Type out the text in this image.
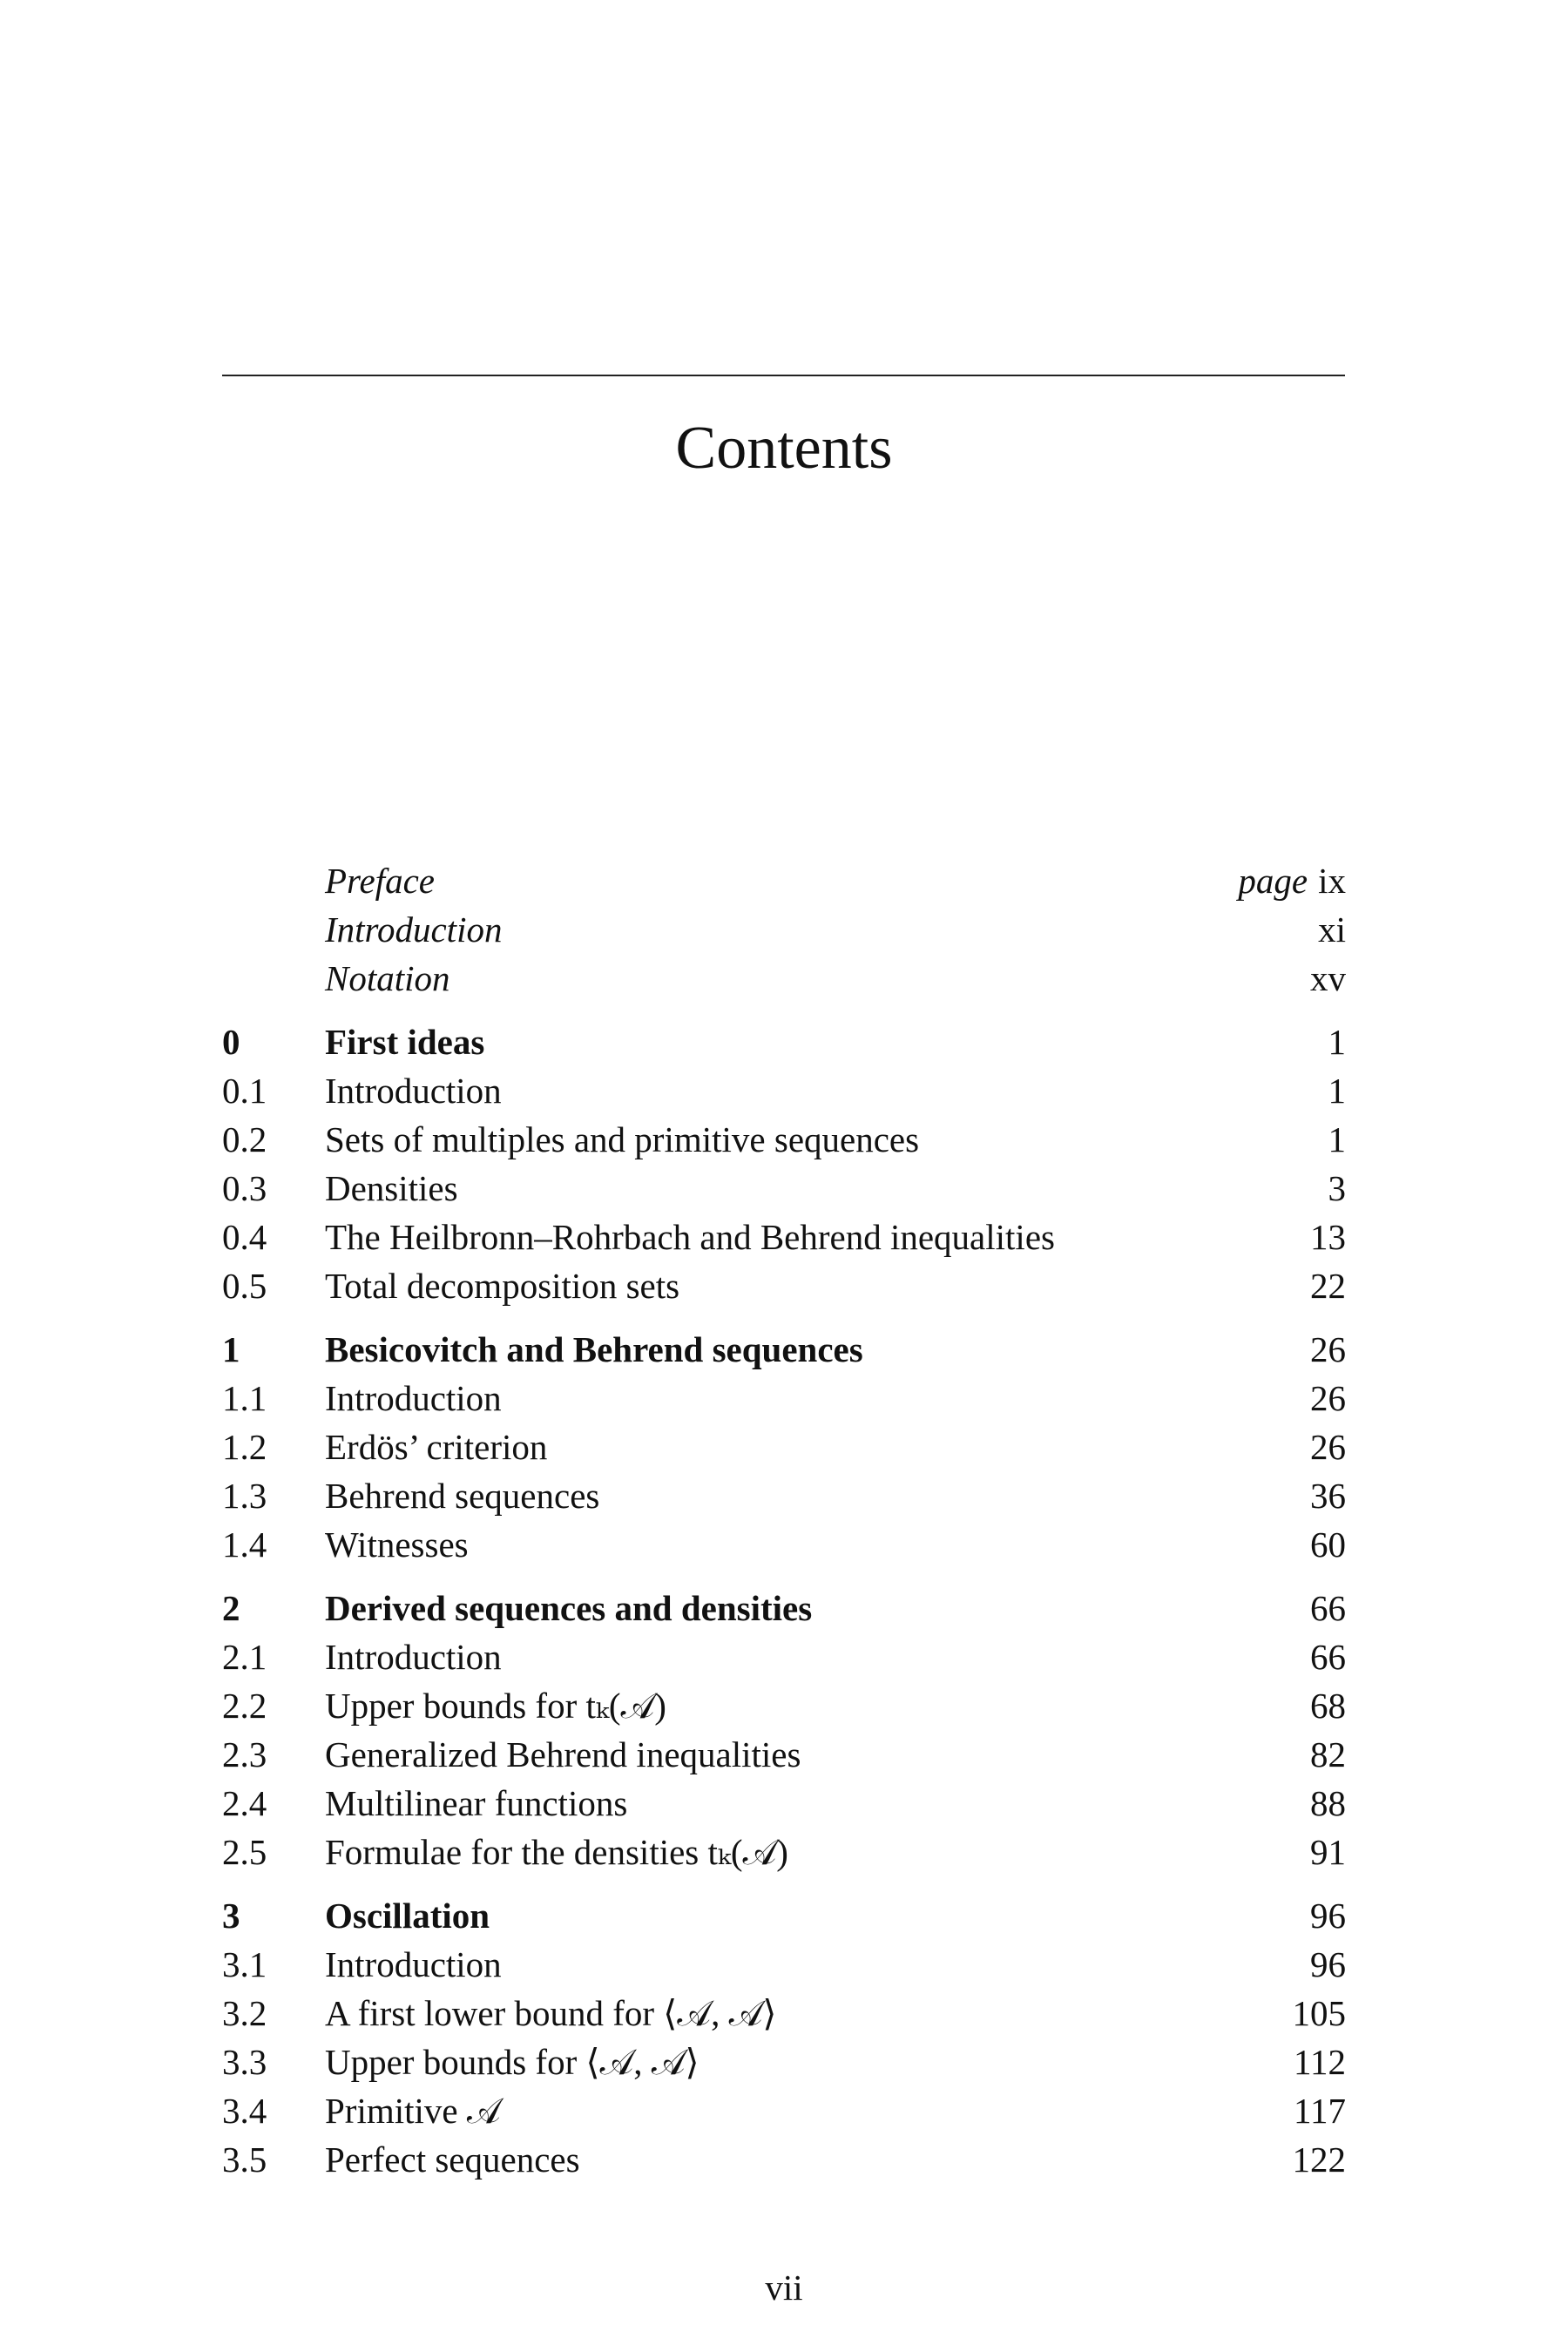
Contents
Preface	page ix
Introduction	xi
Notation	xv
0	First ideas	1
0.1	Introduction	1
0.2	Sets of multiples and primitive sequences	1
0.3	Densities	3
0.4	The Heilbronn–Rohrbach and Behrend inequalities	13
0.5	Total decomposition sets	22
1	Besicovitch and Behrend sequences	26
1.1	Introduction	26
1.2	Erdös’ criterion	26
1.3	Behrend sequences	36
1.4	Witnesses	60
2	Derived sequences and densities	66
2.1	Introduction	66
2.2	Upper bounds for tₖ(𝒜)	68
2.3	Generalized Behrend inequalities	82
2.4	Multilinear functions	88
2.5	Formulae for the densities tₖ(𝒜)	91
3	Oscillation	96
3.1	Introduction	96
3.2	A first lower bound for ⟨𝒜, 𝒜⟩	105
3.3	Upper bounds for ⟨𝒜, 𝒜⟩	112
3.4	Primitive 𝒜	117
3.5	Perfect sequences	122
vii
